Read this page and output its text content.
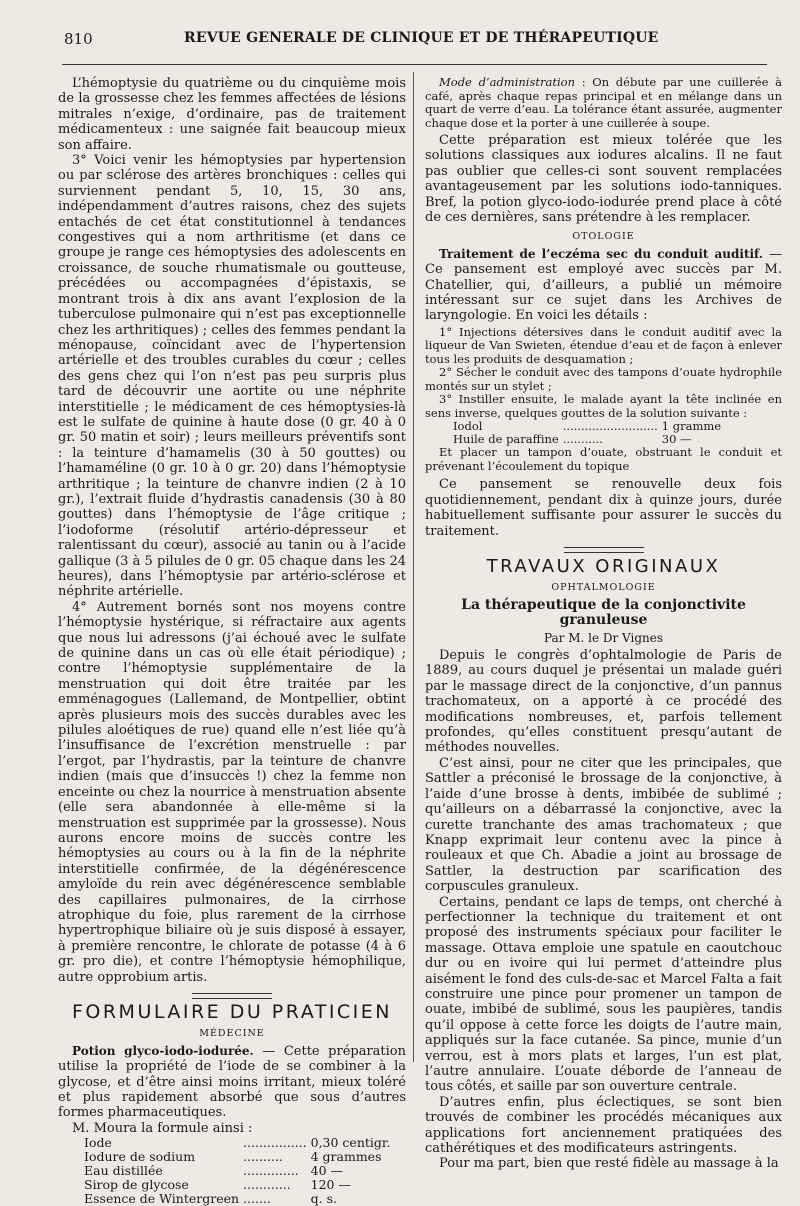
810	REVUE GENERALE DE CLINIQUE ET DE THÉRAPEUTIQUE

L’hémoptysie du quatrième ou du cinquième mois de la grossesse chez les femmes affectées de lésions mitrales n’exige, d’ordinaire, pas de traitement médicamenteux : une saignée fait beaucoup mieux son affaire.

3° Voici venir les hémoptysies par hypertension ou par sclérose des artères bronchiques : celles qui surviennent pendant 5, 10, 15, 30 ans, indépendamment d’autres raisons, chez des sujets entachés de cet état constitutionnel à tendances congestives qui a nom arthritisme (et dans ce groupe je range ces hémoptysies des adolescents en croissance, de souche rhumatismale ou goutteuse, précédées ou accompagnées d’épistaxis, se montrant trois à dix ans avant l’explosion de la tuberculose pulmonaire qui n’est pas exceptionnelle chez les arthritiques) ; celles des femmes pendant la ménopause, coïncidant avec de l’hypertension artérielle et des troubles curables du cœur ; celles des gens chez qui l’on n’est pas peu surpris plus tard de découvrir une aortite ou une néphrite interstitielle ; le médicament de ces hémoptysies-là est le sulfate de quinine à haute dose (0 gr. 40 à 0 gr. 50 matin et soir) ; leurs meilleurs préventifs sont : la teinture d’hamamelis (30 à 50 gouttes) ou l’hamaméline (0 gr. 10 à 0 gr. 20) dans l’hémoptysie arthritique ; la teinture de chanvre indien (2 à 10 gr.), l’extrait fluide d’hydrastis canadensis (30 à 80 gouttes) dans l’hémoptysie de l’âge critique ; l’iodoforme (résolutif artério-dépresseur et ralentissant du cœur), associé au tanin ou à l’acide gallique (3 à 5 pilules de 0 gr. 05 chaque dans les 24 heures), dans l’hémoptysie par artério-sclérose et néphrite artérielle.

4° Autrement bornés sont nos moyens contre l’hémoptysie hystérique, si réfractaire aux agents que nous lui adressons (j’ai échoué avec le sulfate de quinine dans un cas où elle était périodique) ; contre l’hémoptysie supplémentaire de la menstruation qui doit être traitée par les emménagogues (Lallemand, de Montpellier, obtint après plusieurs mois des succès durables avec les pilules aloétiques de rue) quand elle n’est liée qu’à l’insuffisance de l’excrétion menstruelle : par l’ergot, par l’hydrastis, par la teinture de chanvre indien (mais que d’insuccès !) chez la femme non enceinte ou chez la nourrice à menstruation absente (elle sera abandonnée à elle-même si la menstruation est supprimée par la grossesse). Nous aurons encore moins de succès contre les hémoptysies au cours ou à la fin de la néphrite interstitielle confirmée, de la dégénérescence amyloïde du rein avec dégénérescence semblable des capillaires pulmonaires, de la cirrhose atrophique du foie, plus rarement de la cirrhose hypertrophique biliaire où je suis disposé à essayer, à première rencontre, le chlorate de potasse (4 à 6 gr. pro die), et contre l’hémoptysie hémophilique, autre opprobium artis.

FORMULAIRE DU PRATICIEN
MÉDECINE

Potion glyco-iodo-iodurée. — Cette préparation utilise la propriété de l’iode de se combiner à la glycose, et d’être ainsi moins irritant, mieux toléré et plus rapidement absorbé que sous d’autres formes pharmaceutiques.

M. Moura la formule ainsi :

Iode	................	0,30 centigr.
Iodure de sodium	..........	4 grammes
Eau distillée	..............	40 —
Sirop de glycose	............	120 —
Essence de Wintergreen	.......	q. s.

Mode d’administration : On débute par une cuillerée à café, après chaque repas principal et en mélange dans un quart de verre d’eau. La tolérance étant assurée, augmenter chaque dose et la porter à une cuillerée à soupe.

Cette préparation est mieux tolérée que les solutions classiques aux iodures alcalins. Il ne faut pas oublier que celles-ci sont souvent remplacées avantageusement par les solutions iodo-tanniques. Bref, la potion glyco-iodo-iodurée prend place à côté de ces dernières, sans prétendre à les remplacer.

OTOLOGIE

Traitement de l’eczéma sec du conduit auditif. — Ce pansement est employé avec succès par M. Chatellier, qui, d’ailleurs, a publié un mémoire intéressant sur ce sujet dans les Archives de laryngologie. En voici les détails :

1° Injections détersives dans le conduit auditif avec la liqueur de Van Swieten, étendue d’eau et de façon à enlever tous les produits de desquamation ;

2° Sécher le conduit avec des tampons d’ouate hydrophile montés sur un stylet ;

3° Instiller ensuite, le malade ayant la tête inclinée en sens inverse, quelques gouttes de la solution suivante :

Iodol	..........................	1 gramme
Huile de paraffine	...........	30 —

Et placer un tampon d’ouate, obstruant le conduit et prévenant l’écoulement du topique

Ce pansement se renouvelle deux fois quotidiennement, pendant dix à quinze jours, durée habituellement suffisante pour assurer le succès du traitement.

TRAVAUX ORIGINAUX
OPHTALMOLOGIE
La thérapeutique de la conjonctivite granuleuse
Par M. le Dr Vignes

Depuis le congrès d’ophtalmologie de Paris de 1889, au cours duquel je présentai un malade guéri par le massage direct de la conjonctive, d’un pannus trachomateux, on a apporté à ce procédé des modifications nombreuses, et, parfois tellement profondes, qu’elles constituent presqu’autant de méthodes nouvelles.

C’est ainsi, pour ne citer que les principales, que Sattler a préconisé le brossage de la conjonctive, à l’aide d’une brosse à dents, imbibée de sublimé ; qu’ailleurs on a débarrassé la conjonctive, avec la curette tranchante des amas trachomateux ; que Knapp exprimait leur contenu avec la pince à rouleaux et que Ch. Abadie a joint au brossage de Sattler, la destruction par scarification des corpuscules granuleux.

Certains, pendant ce laps de temps, ont cherché à perfectionner la technique du traitement et ont proposé des instruments spéciaux pour faciliter le massage. Ottava emploie une spatule en caoutchouc dur ou en ivoire qui lui permet d’atteindre plus aisément le fond des culs-de-sac et Marcel Falta a fait construire une pince pour promener un tampon de ouate, imbibé de sublimé, sous les paupières, tandis qu’il oppose à cette force les doigts de l’autre main, appliqués sur la face cutanée. Sa pince, munie d’un verrou, est à mors plats et larges, l’un est plat, l’autre annulaire. L’ouate déborde de l’anneau de tous côtés, et saille par son ouverture centrale.

D’autres enfin, plus éclectiques, se sont bien trouvés de combiner les procédés mécaniques aux applications fort anciennement pratiquées des cathérétiques et des modificateurs astringents.

Pour ma part, bien que resté fidèle au massage à la
